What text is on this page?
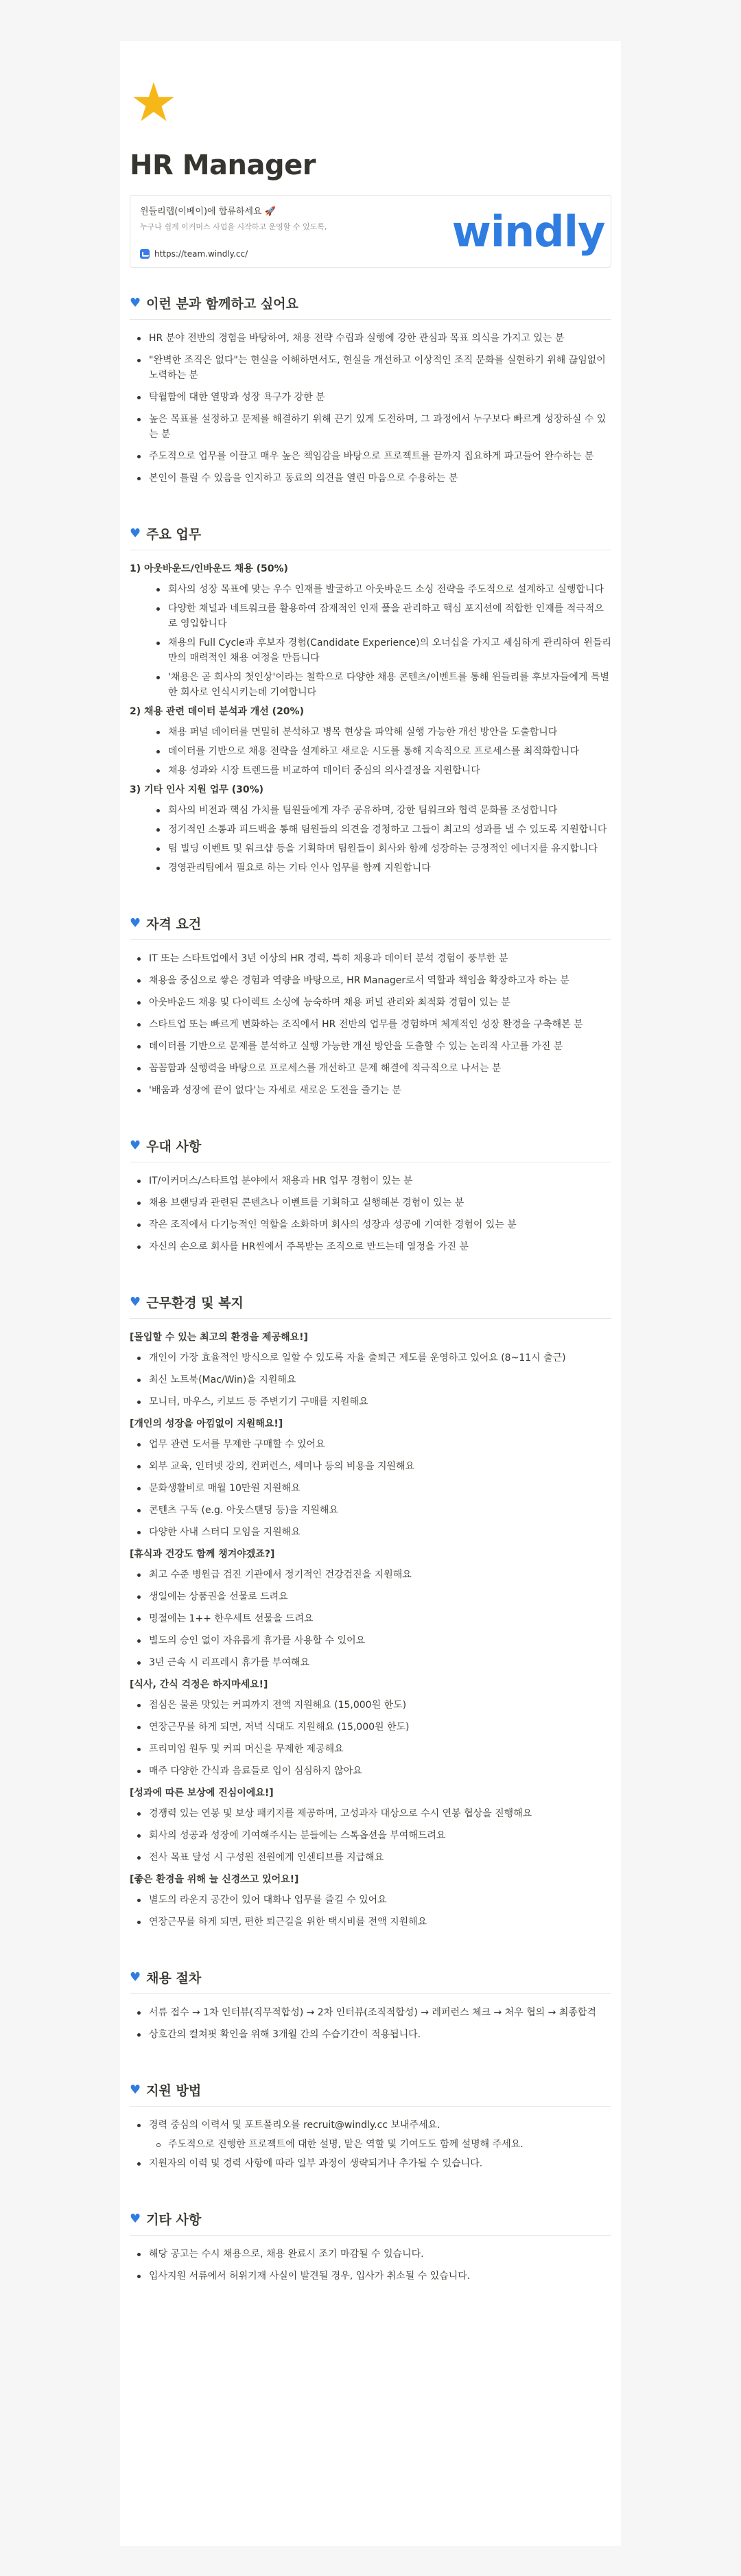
★
HR Manager
윈들리랩(이베이)에 합류하세요 🚀
누구나 쉽게 이커머스 사업을 시작하고 운영할 수 있도록,
https://team.windly.cc/	windly
♥ 이런 분과 함께하고 싶어요
HR 분야 전반의 경험을 바탕하여, 채용 전략 수립과 실행에 강한 관심과 목표 의식을 가지고 있는 분
"완벽한 조직은 없다"는 현실을 이해하면서도, 현실을 개선하고 이상적인 조직 문화를 실현하기 위해 끊임없이 노력하는 분
탁월함에 대한 열망과 성장 욕구가 강한 분
높은 목표를 설정하고 문제를 해결하기 위해 끈기 있게 도전하며, 그 과정에서 누구보다 빠르게 성장하실 수 있는 분
주도적으로 업무를 이끌고 매우 높은 책임감을 바탕으로 프로젝트를 끝까지 집요하게 파고들어 완수하는 분
본인이 틀릴 수 있음을 인지하고 동료의 의견을 열린 마음으로 수용하는 분
♥ 주요 업무
1) 아웃바운드/인바운드 채용 (50%)
회사의 성장 목표에 맞는 우수 인재를 발굴하고 아웃바운드 소싱 전략을 주도적으로 설계하고 실행합니다
다양한 채널과 네트워크를 활용하여 잠재적인 인재 풀을 관리하고 핵심 포지션에 적합한 인재를 적극적으로 영입합니다
채용의 Full Cycle과 후보자 경험(Candidate Experience)의 오너십을 가지고 세심하게 관리하여 윈들리만의 매력적인 채용 여정을 만듭니다
'채용은 곧 회사의 첫인상'이라는 철학으로 다양한 채용 콘텐츠/이벤트를 통해 윈들리를 후보자들에게 특별한 회사로 인식시키는데 기여합니다
2) 채용 관련 데이터 분석과 개선 (20%)
채용 퍼널 데이터를 면밀히 분석하고 병목 현상을 파악해 실행 가능한 개선 방안을 도출합니다
데이터를 기반으로 채용 전략을 설계하고 새로운 시도를 통해 지속적으로 프로세스를 최적화합니다
채용 성과와 시장 트렌드를 비교하여 데이터 중심의 의사결정을 지원합니다
3) 기타 인사 지원 업무 (30%)
회사의 비전과 핵심 가치를 팀원들에게 자주 공유하며, 강한 팀워크와 협력 문화를 조성합니다
정기적인 소통과 피드백을 통해 팀원들의 의견을 경청하고 그들이 최고의 성과를 낼 수 있도록 지원합니다
팀 빌딩 이벤트 및 워크샵 등을 기획하며 팀원들이 회사와 함께 성장하는 긍정적인 에너지를 유지합니다
경영관리팀에서 필요로 하는 기타 인사 업무를 함께 지원합니다
♥ 자격 요건
IT 또는 스타트업에서 3년 이상의 HR 경력, 특히 채용과 데이터 분석 경험이 풍부한 분
채용을 중심으로 쌓은 경험과 역량을 바탕으로, HR Manager로서 역할과 책임을 확장하고자 하는 분
아웃바운드 채용 및 다이렉트 소싱에 능숙하며 채용 퍼널 관리와 최적화 경험이 있는 분
스타트업 또는 빠르게 변화하는 조직에서 HR 전반의 업무를 경험하며 체계적인 성장 환경을 구축해본 분
데이터를 기반으로 문제를 분석하고 실행 가능한 개선 방안을 도출할 수 있는 논리적 사고를 가진 분
꼼꼼함과 실행력을 바탕으로 프로세스를 개선하고 문제 해결에 적극적으로 나서는 분
'배움과 성장에 끝이 없다'는 자세로 새로운 도전을 즐기는 분
♥ 우대 사항
IT/이커머스/스타트업 분야에서 채용과 HR 업무 경험이 있는 분
채용 브랜딩과 관련된 콘텐츠나 이벤트를 기획하고 실행해본 경험이 있는 분
작은 조직에서 다기능적인 역할을 소화하며 회사의 성장과 성공에 기여한 경험이 있는 분
자신의 손으로 회사를 HR씬에서 주목받는 조직으로 만드는데 열정을 가진 분
♥ 근무환경 및 복지
[몰입할 수 있는 최고의 환경을 제공해요!]
개인이 가장 효율적인 방식으로 일할 수 있도록 자율 출퇴근 제도를 운영하고 있어요 (8~11시 출근)
최신 노트북(Mac/Win)을 지원해요
모니터, 마우스, 키보드 등 주변기기 구매를 지원해요
[개인의 성장을 아낌없이 지원해요!]
업무 관련 도서를 무제한 구매할 수 있어요
외부 교육, 인터넷 강의, 컨퍼런스, 세미나 등의 비용을 지원해요
문화생활비로 매월 10만원 지원해요
콘텐츠 구독 (e.g. 아웃스탠딩 등)을 지원해요
다양한 사내 스터디 모임을 지원해요
[휴식과 건강도 함께 챙겨야겠죠?]
최고 수준 병원급 검진 기관에서 정기적인 건강검진을 지원해요
생일에는 상품권을 선물로 드려요
명절에는 1++ 한우세트 선물을 드려요
별도의 승인 없이 자유롭게 휴가를 사용할 수 있어요
3년 근속 시 리프레시 휴가를 부여해요
[식사, 간식 걱정은 하지마세요!]
점심은 물론 맛있는 커피까지 전액 지원해요 (15,000원 한도)
연장근무를 하게 되면, 저녁 식대도 지원해요 (15,000원 한도)
프리미엄 원두 및 커피 머신을 무제한 제공해요
매주 다양한 간식과 음료들로 입이 심심하지 않아요
[성과에 따른 보상에 진심이에요!]
경쟁력 있는 연봉 및 보상 패키지를 제공하며, 고성과자 대상으로 수시 연봉 협상을 진행해요
회사의 성공과 성장에 기여해주시는 분들에는 스톡옵션을 부여해드려요
전사 목표 달성 시 구성원 전원에게 인센티브를 지급해요
[좋은 환경을 위해 늘 신경쓰고 있어요!]
별도의 라운지 공간이 있어 대화나 업무를 즐길 수 있어요
연장근무를 하게 되면, 편한 퇴근길을 위한 택시비를 전액 지원해요
♥ 채용 절차
서류 접수 → 1차 인터뷰(직무적합성) → 2차 인터뷰(조직적합성) → 레퍼런스 체크 → 처우 협의 → 최종합격
상호간의 컬쳐핏 확인을 위해 3개월 간의 수습기간이 적용됩니다.
♥ 지원 방법
경력 중심의 이력서 및 포트폴리오를 recruit@windly.cc 보내주세요.
주도적으로 진행한 프로젝트에 대한 설명, 맡은 역할 및 기여도도 함께 설명해 주세요.
지원자의 이력 및 경력 사항에 따라 일부 과정이 생략되거나 추가될 수 있습니다.
♥ 기타 사항
해당 공고는 수시 채용으로, 채용 완료시 조기 마감될 수 있습니다.
입사지원 서류에서 허위기재 사실이 발견될 경우, 입사가 취소될 수 있습니다.
